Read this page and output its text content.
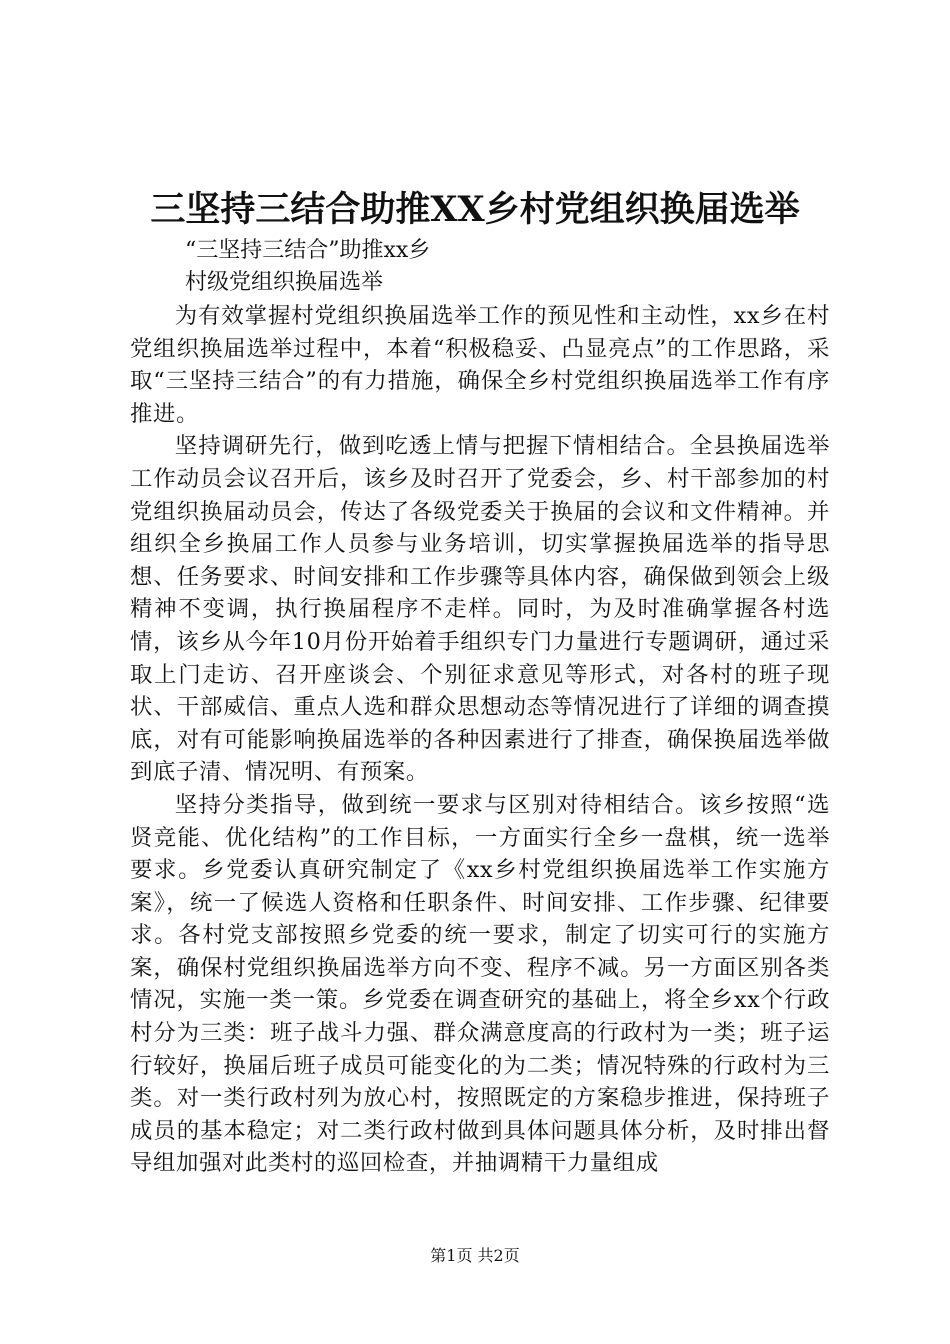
三坚持三结合助推XX乡村党组织换届选举

“三坚持三结合”助推xx乡

村级党组织换届选举

为有效掌握村党组织换届选举工作的预见性和主动性，xx乡在村党组织换届选举过程中，本着“积极稳妥、凸显亮点”的工作思路，采取“三坚持三结合”的有力措施，确保全乡村党组织换届选举工作有序推进。

坚持调研先行，做到吃透上情与把握下情相结合。全县换届选举工作动员会议召开后，该乡及时召开了党委会，乡、村干部参加的村党组织换届动员会，传达了各级党委关于换届的会议和文件精神。并组织全乡换届工作人员参与业务培训，切实掌握换届选举的指导思想、任务要求、时间安排和工作步骤等具体内容，确保做到领会上级精神不变调，执行换届程序不走样。同时，为及时准确掌握各村选情，该乡从今年10月份开始着手组织专门力量进行专题调研，通过采取上门走访、召开座谈会、个别征求意见等形式，对各村的班子现状、干部威信、重点人选和群众思想动态等情况进行了详细的调查摸底，对有可能影响换届选举的各种因素进行了排查，确保换届选举做到底子清、情况明、有预案。

坚持分类指导，做到统一要求与区别对待相结合。该乡按照“选贤竞能、优化结构”的工作目标，一方面实行全乡一盘棋，统一选举要求。乡党委认真研究制定了《xx乡村党组织换届选举工作实施方案》，统一了候选人资格和任职条件、时间安排、工作步骤、纪律要求。各村党支部按照乡党委的统一要求，制定了切实可行的实施方案，确保村党组织换届选举方向不变、程序不减。另一方面区别各类情况，实施一类一策。乡党委在调查研究的基础上，将全乡xx个行政村分为三类：班子战斗力强、群众满意度高的行政村为一类；班子运行较好，换届后班子成员可能变化的为二类；情况特殊的行政村为三类。对一类行政村列为放心村，按照既定的方案稳步推进，保持班子成员的基本稳定；对二类行政村做到具体问题具体分析，及时排出督导组加强对此类村的巡回检查，并抽调精干力量组成

第1页 共2页
